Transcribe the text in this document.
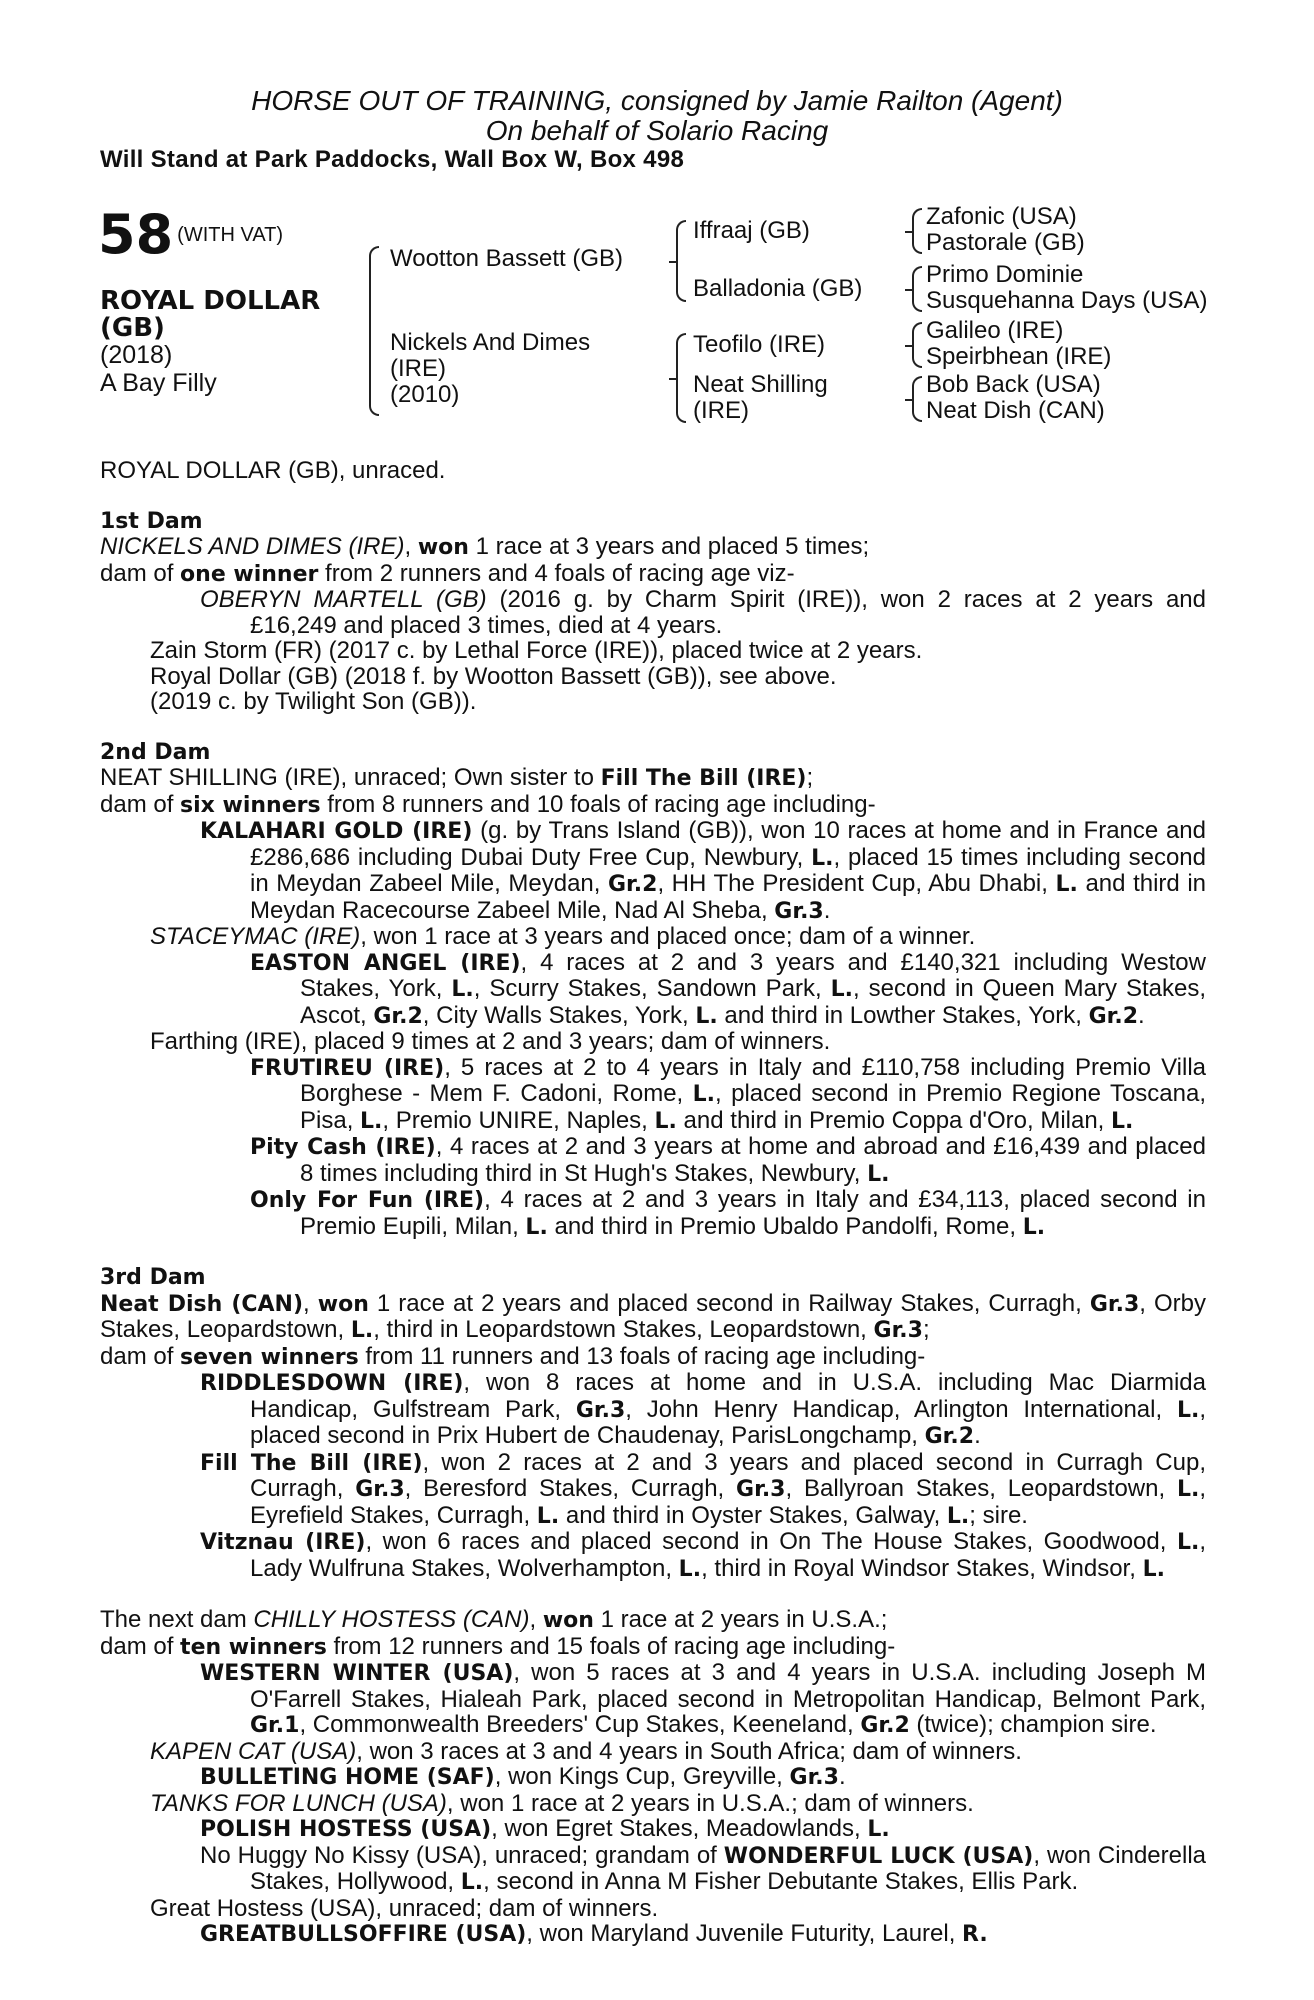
HORSE OUT OF TRAINING, consigned by Jamie Railton (Agent)
On behalf of Solario Racing
Will Stand at Park Paddocks, Wall Box W, Box 498
58 $^{(WITH VAT)}$
ROYAL DOLLAR
(GB)
(2018)
A Bay Filly
Wootton Bassett (GB)
Nickels And Dimes
(IRE)
(2010)
Iffraaj (GB)
Balladonia (GB)
Teofilo (IRE)
Neat Shilling
(IRE)
Zafonic (USA)
Pastorale (GB)
Primo Dominie
Susquehanna Days (USA)
Galileo (IRE)
Speirbhean (IRE)
Bob Back (USA)
Neat Dish (CAN)
ROYAL DOLLAR (GB), unraced.
1st Dam
NICKELS AND DIMES (IRE), won 1 race at 3 years and placed 5 times;
dam of one winner from 2 runners and 4 foals of racing age viz-
OBERYN MARTELL (GB) (2016 g. by Charm Spirit (IRE)), won 2 races at 2 years and £16,249 and placed 3 times, died at 4 years.
Zain Storm (FR) (2017 c. by Lethal Force (IRE)), placed twice at 2 years.
Royal Dollar (GB) (2018 f. by Wootton Bassett (GB)), see above.
(2019 c. by Twilight Son (GB)).
2nd Dam
NEAT SHILLING (IRE), unraced; Own sister to Fill The Bill (IRE);
dam of six winners from 8 runners and 10 foals of racing age including-
KALAHARI GOLD (IRE) (g. by Trans Island (GB)), won 10 races at home and in France and £286,686 including Dubai Duty Free Cup, Newbury, L., placed 15 times including second in Meydan Zabeel Mile, Meydan, Gr.2, HH The President Cup, Abu Dhabi, L. and third in Meydan Racecourse Zabeel Mile, Nad Al Sheba, Gr.3.
STACEYMAC (IRE), won 1 race at 3 years and placed once; dam of a winner.
EASTON ANGEL (IRE), 4 races at 2 and 3 years and £140,321 including Westow Stakes, York, L., Scurry Stakes, Sandown Park, L., second in Queen Mary Stakes, Ascot, Gr.2, City Walls Stakes, York, L. and third in Lowther Stakes, York, Gr.2.
Farthing (IRE), placed 9 times at 2 and 3 years; dam of winners.
FRUTIREU (IRE), 5 races at 2 to 4 years in Italy and £110,758 including Premio Villa Borghese - Mem F. Cadoni, Rome, L., placed second in Premio Regione Toscana, Pisa, L., Premio UNIRE, Naples, L. and third in Premio Coppa d'Oro, Milan, L.
Pity Cash (IRE), 4 races at 2 and 3 years at home and abroad and £16,439 and placed 8 times including third in St Hugh's Stakes, Newbury, L.
Only For Fun (IRE), 4 races at 2 and 3 years in Italy and £34,113, placed second in Premio Eupili, Milan, L. and third in Premio Ubaldo Pandolfi, Rome, L.
3rd Dam
Neat Dish (CAN), won 1 race at 2 years and placed second in Railway Stakes, Curragh, Gr.3, Orby Stakes, Leopardstown, L., third in Leopardstown Stakes, Leopardstown, Gr.3;
dam of seven winners from 11 runners and 13 foals of racing age including-
RIDDLESDOWN (IRE), won 8 races at home and in U.S.A. including Mac Diarmida Handicap, Gulfstream Park, Gr.3, John Henry Handicap, Arlington International, L., placed second in Prix Hubert de Chaudenay, ParisLongchamp, Gr.2.
Fill The Bill (IRE), won 2 races at 2 and 3 years and placed second in Curragh Cup, Curragh, Gr.3, Beresford Stakes, Curragh, Gr.3, Ballyroan Stakes, Leopardstown, L., Eyrefield Stakes, Curragh, L. and third in Oyster Stakes, Galway, L.; sire.
Vitznau (IRE), won 6 races and placed second in On The House Stakes, Goodwood, L., Lady Wulfruna Stakes, Wolverhampton, L., third in Royal Windsor Stakes, Windsor, L.
The next dam CHILLY HOSTESS (CAN), won 1 race at 2 years in U.S.A.;
dam of ten winners from 12 runners and 15 foals of racing age including-
WESTERN WINTER (USA), won 5 races at 3 and 4 years in U.S.A. including Joseph M O'Farrell Stakes, Hialeah Park, placed second in Metropolitan Handicap, Belmont Park, Gr.1, Commonwealth Breeders' Cup Stakes, Keeneland, Gr.2 (twice); champion sire.
KAPEN CAT (USA), won 3 races at 3 and 4 years in South Africa; dam of winners.
BULLETING HOME (SAF), won Kings Cup, Greyville, Gr.3.
TANKS FOR LUNCH (USA), won 1 race at 2 years in U.S.A.; dam of winners.
POLISH HOSTESS (USA), won Egret Stakes, Meadowlands, L.
No Huggy No Kissy (USA), unraced; grandam of WONDERFUL LUCK (USA), won Cinderella Stakes, Hollywood, L., second in Anna M Fisher Debutante Stakes, Ellis Park.
Great Hostess (USA), unraced; dam of winners.
GREATBULLSOFFIRE (USA), won Maryland Juvenile Futurity, Laurel, R.
